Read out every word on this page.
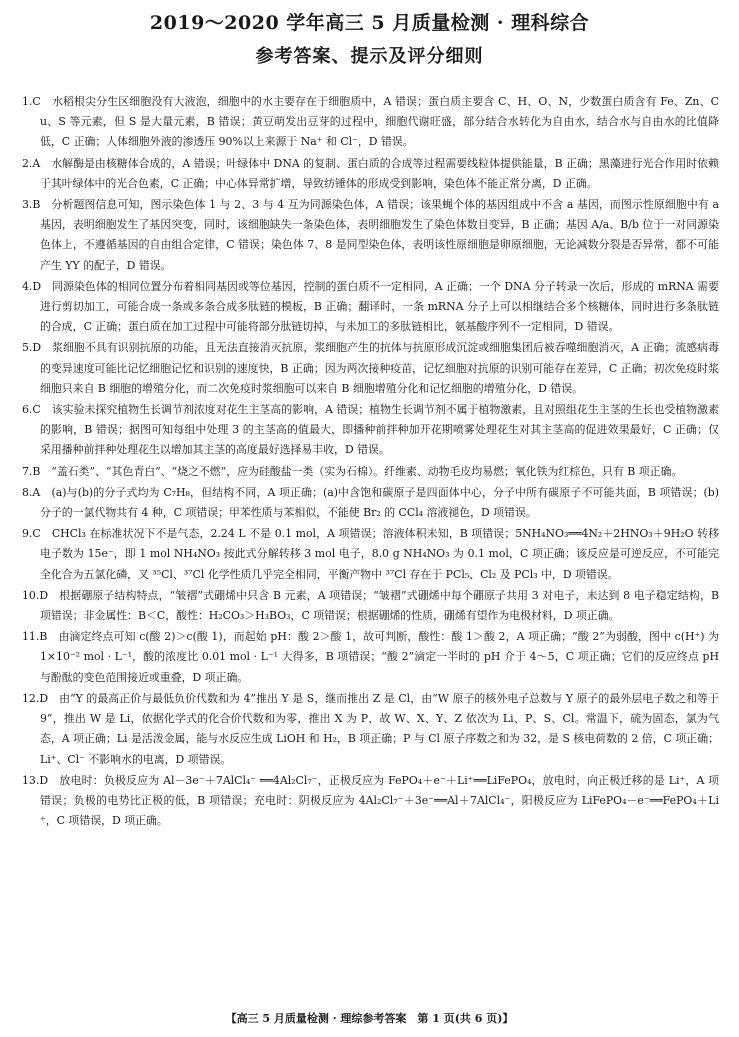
2019～2020 学年高三 5 月质量检测 · 理科综合
参考答案、提示及评分细则
1.C　水稻根尖分生区细胞没有大液泡，细胞中的水主要存在于细胞质中，A 错误；蛋白质主要含 C、H、O、N，少数蛋白质含有 Fe、Zn、Cu、S 等元素，但 S 是大量元素，B 错误；黄豆萌发出豆芽的过程中，细胞代谢旺盛，部分结合水转化为自由水，结合水与自由水的比值降低，C 正确；人体细胞外液的渗透压 90%以上来源于 Na⁺ 和 Cl⁻，D 错误。
2.A　水解酶是由核糖体合成的，A 错误；叶绿体中 DNA 的复制、蛋白质的合成等过程需要线粒体提供能量，B 正确；黑藻进行光合作用时依赖于其叶绿体中的光合色素，C 正确；中心体异常扩增，导致纺锤体的形成受到影响，染色体不能正常分离，D 正确。
3.B　分析题图信息可知，图示染色体 1 与 2、3 与 4 互为同源染色体，A 错误；该果蝇个体的基因组成中不含 a 基因，而图示性原细胞中有 a 基因，表明细胞发生了基因突变，同时，该细胞缺失一条染色体，表明细胞发生了染色体数目变异，B 正确；基因 A/a、B/b 位于一对同源染色体上，不遵循基因的自由组合定律，C 错误；染色体 7、8 是同型染色体，表明该性原细胞是卵原细胞，无论减数分裂是否异常，都不可能产生 YY 的配子，D 错误。
4.D　同源染色体的相同位置分布着相同基因或等位基因，控制的蛋白质不一定相同，A 正确；一个 DNA 分子转录一次后，形成的 mRNA 需要进行剪切加工，可能合成一条或多条合成多肽链的模板，B 正确；翻译时，一条 mRNA 分子上可以相继结合多个核糖体，同时进行多条肽链的合成，C 正确；蛋白质在加工过程中可能将部分肽链切掉，与未加工的多肽链相比，氨基酸序列不一定相同，D 错误。
5.D　浆细胞不具有识别抗原的功能，且无法直接消灭抗原，浆细胞产生的抗体与抗原形成沉淀或细胞集团后被吞噬细胞消灭，A 正确；流感病毒的变异速度可能比记忆细胞记忆和识别的速度快，B 正确；因为两次接种疫苗，记忆细胞对抗原的识别可能存在差异，C 正确；初次免疫时浆细胞只来自 B 细胞的增殖分化，而二次免疫时浆细胞可以来自 B 细胞增殖分化和记忆细胞的增殖分化，D 错误。
6.C　该实验未探究植物生长调节剂浓度对花生主茎高的影响，A 错误；植物生长调节剂不属于植物激素，且对照组花生主茎的生长也受植物激素的影响，B 错误；据图可知每组中处理 3 的主茎高的值最大，即播种前拌种加开花期喷雾处理花生对其主茎高的促进效果最好，C 正确；仅采用播种前拌种处理花生以增加其主茎的高度最好选择易丰收，D 错误。
7.B　“盖石类”、“其色青白”、“烧之不燃”，应为硅酸盐一类（实为石棉）。纤维素、动物毛皮均易燃；氧化铁为红棕色，只有 B 项正确。
8.A　(a)与(b)的分子式均为 C₇H₈，但结构不同，A 项正确；(a)中含饱和碳原子是四面体中心，分子中所有碳原子不可能共面，B 项错误；(b)分子的一氯代物共有 4 种，C 项错误；甲苯性质与苯相似，不能使 Br₂ 的 CCl₄ 溶液褪色，D 项错误。
9.C　CHCl₃ 在标准状况下不是气态，2.24 L 不是 0.1 mol，A 项错误；溶液体积未知，B 项错误；5NH₄NO₃══4N₂＋2HNO₃＋9H₂O 转移电子数为 15e⁻，即 1 mol NH₄NO₃ 按此式分解转移 3 mol 电子，8.0 g NH₄NO₃ 为 0.1 mol，C 项正确；该反应是可逆反应，不可能完全化合为五氯化磷，又 ³⁵Cl、³⁷Cl 化学性质几乎完全相同，平衡产物中 ³⁷Cl 存在于 PCl₅、Cl₂ 及 PCl₃ 中，D 项错误。
10.D　根据硼原子结构特点，“皱褶”式硼烯中只含 B 元素，A 项错误；“皱褶”式硼烯中每个硼原子共用 3 对电子，未达到 8 电子稳定结构，B 项错误；非金属性：B＜C，酸性：H₂CO₃＞H₃BO₃，C 项错误；根据硼烯的性质，硼烯有望作为电极材料，D 项正确。
11.B　由滴定终点可知 c(酸 2)＞c(酸 1)，而起始 pH：酸 2＞酸 1，故可判断，酸性：酸 1＞酸 2，A 项正确；“酸 2”为弱酸，图中 c(H⁺) 为 1×10⁻² mol · L⁻¹，酸的浓度比 0.01 mol · L⁻¹ 大得多，B 项错误；“酸 2”滴定一半时的 pH 介于 4～5，C 项正确；它们的反应终点 pH 与酚酞的变色范围接近或重叠，D 项正确。
12.D　由“Y 的最高正价与最低负价代数和为 4”推出 Y 是 S，继而推出 Z 是 Cl，由“W 原子的核外电子总数与 Y 原子的最外层电子数之和等于 9”，推出 W 是 Li，依据化学式的化合价代数和为零，推出 X 为 P，故 W、X、Y、Z 依次为 Li、P、S、Cl。常温下，硫为固态，氯为气态，A 项正确；Li 是活泼金属，能与水反应生成 LiOH 和 H₂，B 项正确；P 与 Cl 原子序数之和为 32，是 S 核电荷数的 2 倍，C 项正确；Li⁺、Cl⁻ 不影响水的电离，D 项错误。
13.D　放电时：负极反应为 Al－3e⁻＋7AlCl₄⁻ ══4Al₂Cl₇⁻，正极反应为 FePO₄＋e⁻＋Li⁺══LiFePO₄，放电时，向正极迁移的是 Li⁺，A 项错误；负极的电势比正极的低，B 项错误；充电时：阴极反应为 4Al₂Cl₇⁻＋3e⁻══Al＋7AlCl₄⁻，阳极反应为 LiFePO₄－e⁻══FePO₄＋Li⁺，C 项错误，D 项正确。
【高三 5 月质量检测 · 理综参考答案　第 1 页(共 6 页)】
